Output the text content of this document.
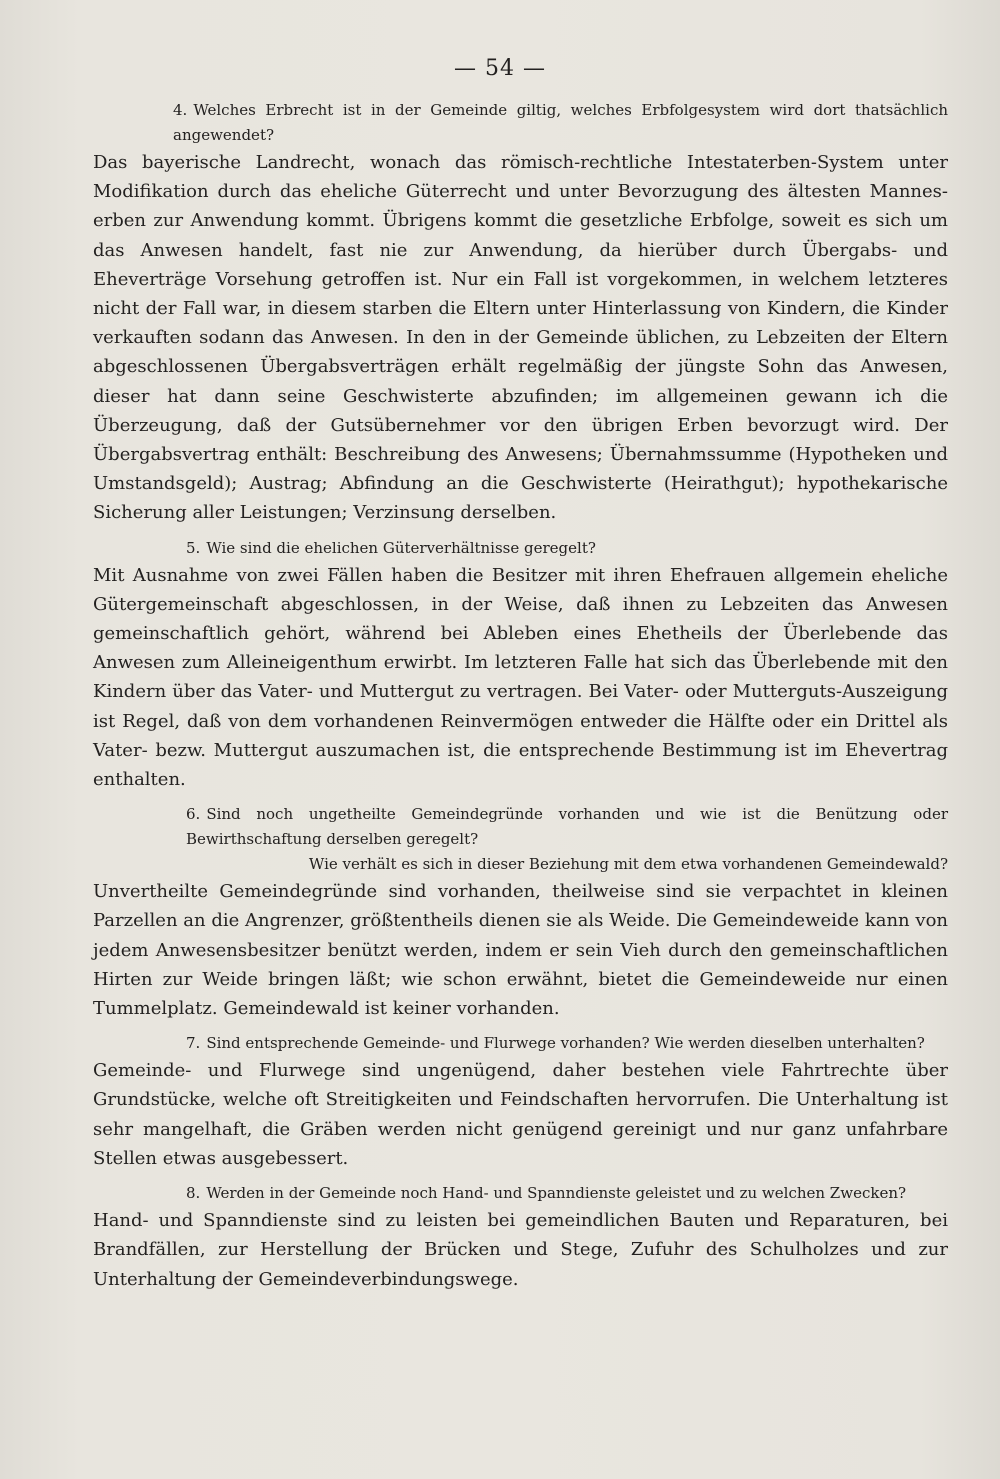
— 54 —

4. Welches Erbrecht ist in der Gemeinde giltig, welches Erbfolgesystem wird dort thatsächlich angewendet?

Das bayerische Landrecht, wonach das römisch-rechtliche Intestaterben-System unter Modifikation durch das eheliche Güterrecht und unter Bevorzugung des ältesten Mannes-erben zur Anwendung kommt. Übrigens kommt die gesetzliche Erbfolge, soweit es sich um das Anwesen handelt, fast nie zur Anwendung, da hierüber durch Übergabs- und Eheverträge Vorsehung getroffen ist. Nur ein Fall ist vorgekommen, in welchem letzteres nicht der Fall war, in diesem starben die Eltern unter Hinterlassung von Kindern, die Kinder verkauften sodann das Anwesen. In den in der Gemeinde üblichen, zu Lebzeiten der Eltern abgeschlossenen Übergabsverträgen erhält regelmäßig der jüngste Sohn das Anwesen, dieser hat dann seine Geschwisterte abzufinden; im allgemeinen gewann ich die Überzeugung, daß der Gutsübernehmer vor den übrigen Erben bevorzugt wird. Der Übergabsvertrag enthält: Beschreibung des Anwesens; Übernahmssumme (Hypotheken und Umstandsgeld); Austrag; Abfindung an die Geschwisterte (Heirathgut); hypothekarische Sicherung aller Leistungen; Verzinsung derselben.

5. Wie sind die ehelichen Güterverhältnisse geregelt?

Mit Ausnahme von zwei Fällen haben die Besitzer mit ihren Ehefrauen allgemein eheliche Gütergemeinschaft abgeschlossen, in der Weise, daß ihnen zu Lebzeiten das Anwesen gemeinschaftlich gehört, während bei Ableben eines Ehetheils der Überlebende das Anwesen zum Alleineigenthum erwirbt. Im letzteren Falle hat sich das Überlebende mit den Kindern über das Vater- und Muttergut zu vertragen. Bei Vater- oder Mutterguts-Auszeigung ist Regel, daß von dem vorhandenen Reinvermögen entweder die Hälfte oder ein Drittel als Vater- bezw. Muttergut auszumachen ist, die entsprechende Bestimmung ist im Ehevertrag enthalten.

6. Sind noch ungetheilte Gemeindegründe vorhanden und wie ist die Benützung oder Bewirthschaftung derselben geregelt?

Wie verhält es sich in dieser Beziehung mit dem etwa vorhandenen Gemeindewald?

Unvertheilte Gemeindegründe sind vorhanden, theilweise sind sie verpachtet in kleinen Parzellen an die Angrenzer, größtentheils dienen sie als Weide. Die Gemeindeweide kann von jedem Anwesensbesitzer benützt werden, indem er sein Vieh durch den gemeinschaftlichen Hirten zur Weide bringen läßt; wie schon erwähnt, bietet die Gemeindeweide nur einen Tummelplatz. Gemeindewald ist keiner vorhanden.

7. Sind entsprechende Gemeinde- und Flurwege vorhanden? Wie werden dieselben unterhalten?

Gemeinde- und Flurwege sind ungenügend, daher bestehen viele Fahrtrechte über Grundstücke, welche oft Streitigkeiten und Feindschaften hervorrufen. Die Unterhaltung ist sehr mangelhaft, die Gräben werden nicht genügend gereinigt und nur ganz unfahrbare Stellen etwas ausgebessert.

8. Werden in der Gemeinde noch Hand- und Spanndienste geleistet und zu welchen Zwecken?

Hand- und Spanndienste sind zu leisten bei gemeindlichen Bauten und Reparaturen, bei Brandfällen, zur Herstellung der Brücken und Stege, Zufuhr des Schulholzes und zur Unterhaltung der Gemeindeverbindungswege.
